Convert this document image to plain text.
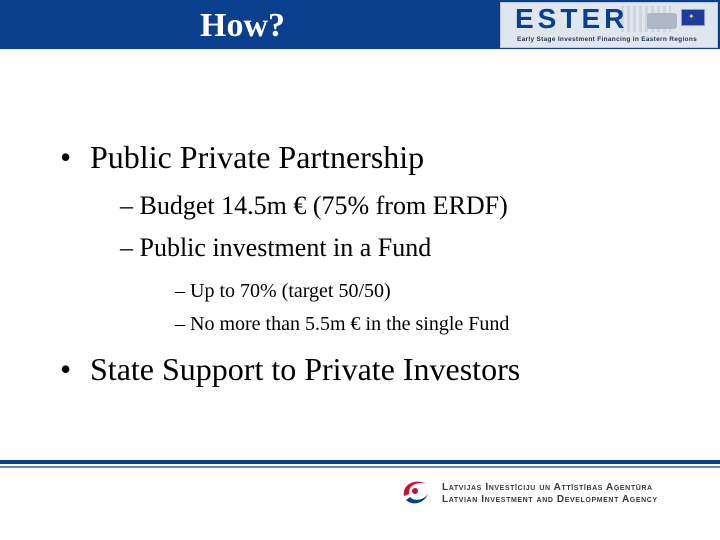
How?	ESTER	✦
Early Stage Investment Financing in Eastern Regions
• Public Private Partnership
– Budget 14.5m € (75% from ERDF)
– Public investment in a Fund
– Up to 70% (target 50/50)
– No more than 5.5m € in the single Fund
• State Support to Private Investors
Latvijas Investīciju un Attīstības Aģentūra
Latvian Investment and Development Agency
